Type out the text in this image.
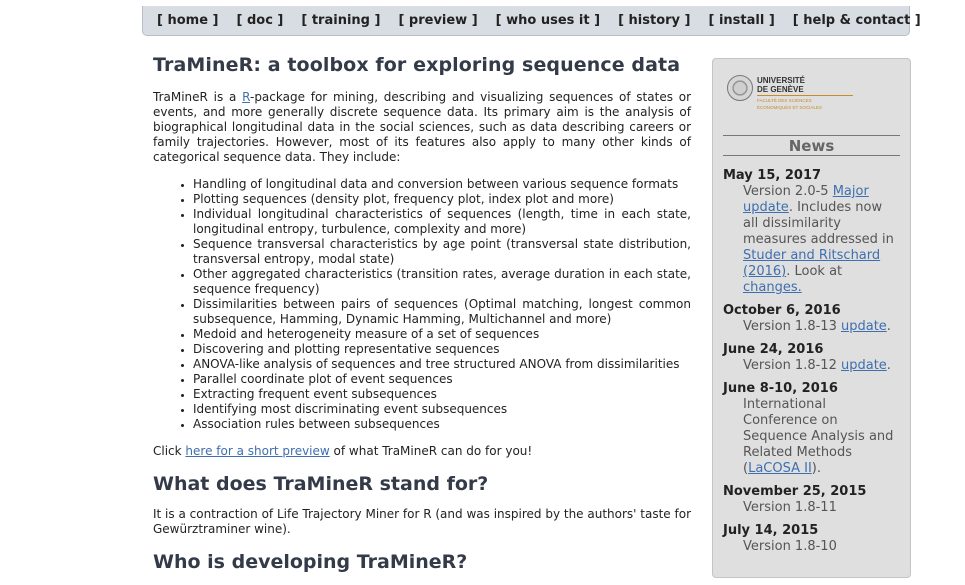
[ home ] [ doc ] [ training ] [ preview ] [ who uses it ] [ history ] [ install ] [ help & contact ]
TraMineR: a toolbox for exploring sequence data

TraMineR is a R-package for mining, describing and visualizing sequences of states or events, and more generally discrete sequence data. Its primary aim is the analysis of biographical longitudinal data in the social sciences, such as data describing careers or family trajectories. However, most of its features also apply to many other kinds of categorical sequence data. They include:

• Handling of longitudinal data and conversion between various sequence formats
• Plotting sequences (density plot, frequency plot, index plot and more)
• Individual longitudinal characteristics of sequences (length, time in each state, longitudinal entropy, turbulence, complexity and more)
• Sequence transversal characteristics by age point (transversal state distribution, transversal entropy, modal state)
• Other aggregated characteristics (transition rates, average duration in each state, sequence frequency)
• Dissimilarities between pairs of sequences (Optimal matching, longest common subsequence, Hamming, Dynamic Hamming, Multichannel and more)
• Medoid and heterogeneity measure of a set of sequences
• Discovering and plotting representative sequences
• ANOVA-like analysis of sequences and tree structured ANOVA from dissimilarities
• Parallel coordinate plot of event sequences
• Extracting frequent event subsequences
• Identifying most discriminating event subsequences
• Association rules between subsequences

Click here for a short preview of what TraMineR can do for you!

What does TraMineR stand for?

It is a contraction of Life Trajectory Miner for R (and was inspired by the authors' taste for Gewürztraminer wine).

Who is developing TraMineR?
UNIVERSITÉ
DE GENÈVE
FACULTÉ DES SCIENCES
ÉCONOMIQUES ET SOCIALES
News
May 15, 2017
Version 2.0-5 Major update. Includes now all dissimilarity measures addressed in Studer and Ritschard (2016). Look at changes.
October 6, 2016
Version 1.8-13 update.
June 24, 2016
Version 1.8-12 update.
June 8-10, 2016
International Conference on Sequence Analysis and Related Methods (LaCOSA II).
November 25, 2015
Version 1.8-11
July 14, 2015
Version 1.8-10
